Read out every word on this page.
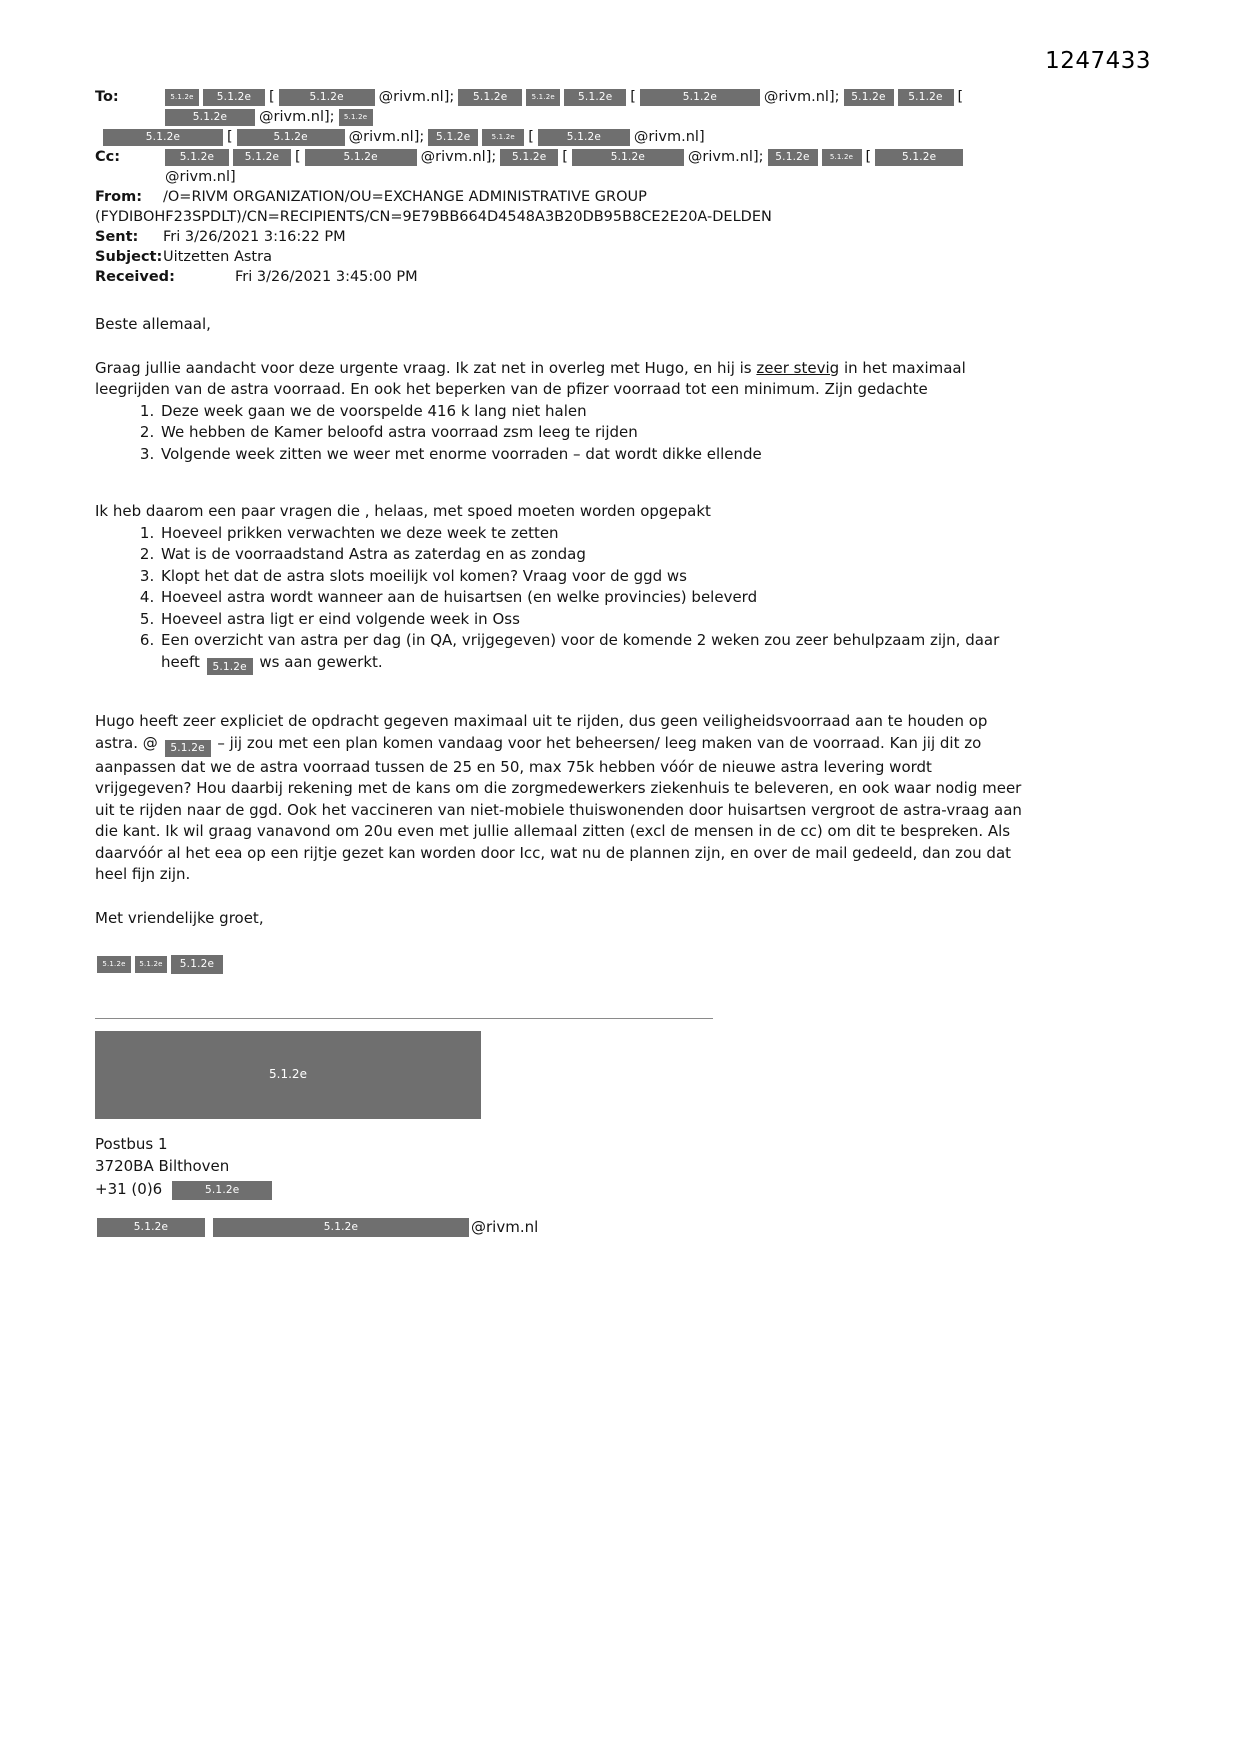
1247433
To:	5.1.2e	5.1.2e	[	5.1.2e	@rivm.nl];	5.1.2e	5.1.2e	5.1.2e	[	5.1.2e	@rivm.nl];	5.1.2e	5.1.2e	[
5.1.2e	@rivm.nl];	5.1.2e
5.1.2e	[	5.1.2e	@rivm.nl];	5.1.2e	5.1.2e [	5.1.2e	@rivm.nl]
Cc:	5.1.2e	5.1.2e	[	5.1.2e	@rivm.nl];	5.1.2e	[	5.1.2e	@rivm.nl];	5.1.2e	5.1.2e [	5.1.2e
@rivm.nl]
From:	/O=RIVM ORGANIZATION/OU=EXCHANGE ADMINISTRATIVE GROUP
(FYDIBOHF23SPDLT)/CN=RECIPIENTS/CN=9E79BB664D4548A3B20DB95B8CE2E20A-DELDEN
Sent:	Fri 3/26/2021 3:16:22 PM
Subject: Uitzetten Astra
Received:	Fri 3/26/2021 3:45:00 PM

Beste allemaal,

Graag jullie aandacht voor deze urgente vraag. Ik zat net in overleg met Hugo, en hij is zeer stevig in het maximaal leegrijden van de astra voorraad. En ook het beperken van de pfizer voorraad tot een minimum. Zijn gedachte

1. Deze week gaan we de voorspelde 416 k lang niet halen
2. We hebben de Kamer beloofd astra voorraad zsm leeg te rijden
3. Volgende week zitten we weer met enorme voorraden – dat wordt dikke ellende

Ik heb daarom een paar vragen die , helaas, met spoed moeten worden opgepakt

1. Hoeveel prikken verwachten we deze week te zetten
2. Wat is de voorraadstand Astra as zaterdag en as zondag
3. Klopt het dat de astra slots moeilijk vol komen? Vraag voor de ggd ws
4. Hoeveel astra wordt wanneer aan de huisartsen (en welke provincies) beleverd
5. Hoeveel astra ligt er eind volgende week in Oss
6. Een overzicht van astra per dag (in QA, vrijgegeven) voor de komende 2 weken zou zeer behulpzaam zijn, daar heeft 5.1.2e ws aan gewerkt.

Hugo heeft zeer expliciet de opdracht gegeven maximaal uit te rijden, dus geen veiligheidsvoorraad aan te houden op astra. @ 5.1.2e – jij zou met een plan komen vandaag voor het beheersen/ leeg maken van de voorraad. Kan jij dit zo aanpassen dat we de astra voorraad tussen de 25 en 50, max 75k hebben vóór de nieuwe astra levering wordt vrijgegeven? Hou daarbij rekening met de kans om die zorgmedewerkers ziekenhuis te beleveren, en ook waar nodig meer uit te rijden naar de ggd. Ook het vaccineren van niet-mobiele thuiswonenden door huisartsen vergroot de astra-vraag aan die kant. Ik wil graag vanavond om 20u even met jullie allemaal zitten (excl de mensen in de cc) om dit te bespreken. Als daarvóór al het eea op een rijtje gezet kan worden door Icc, wat nu de plannen zijn, en over de mail gedeeld, dan zou dat heel fijn zijn.

Met vriendelijke groet,

5.1.2e	5.1.2e	5.1.2e
5.1.2e
Postbus 1
3720BA Bilthoven
+31 (0)6	5.1.2e
5.1.2e	5.1.2e	@rivm.nl
